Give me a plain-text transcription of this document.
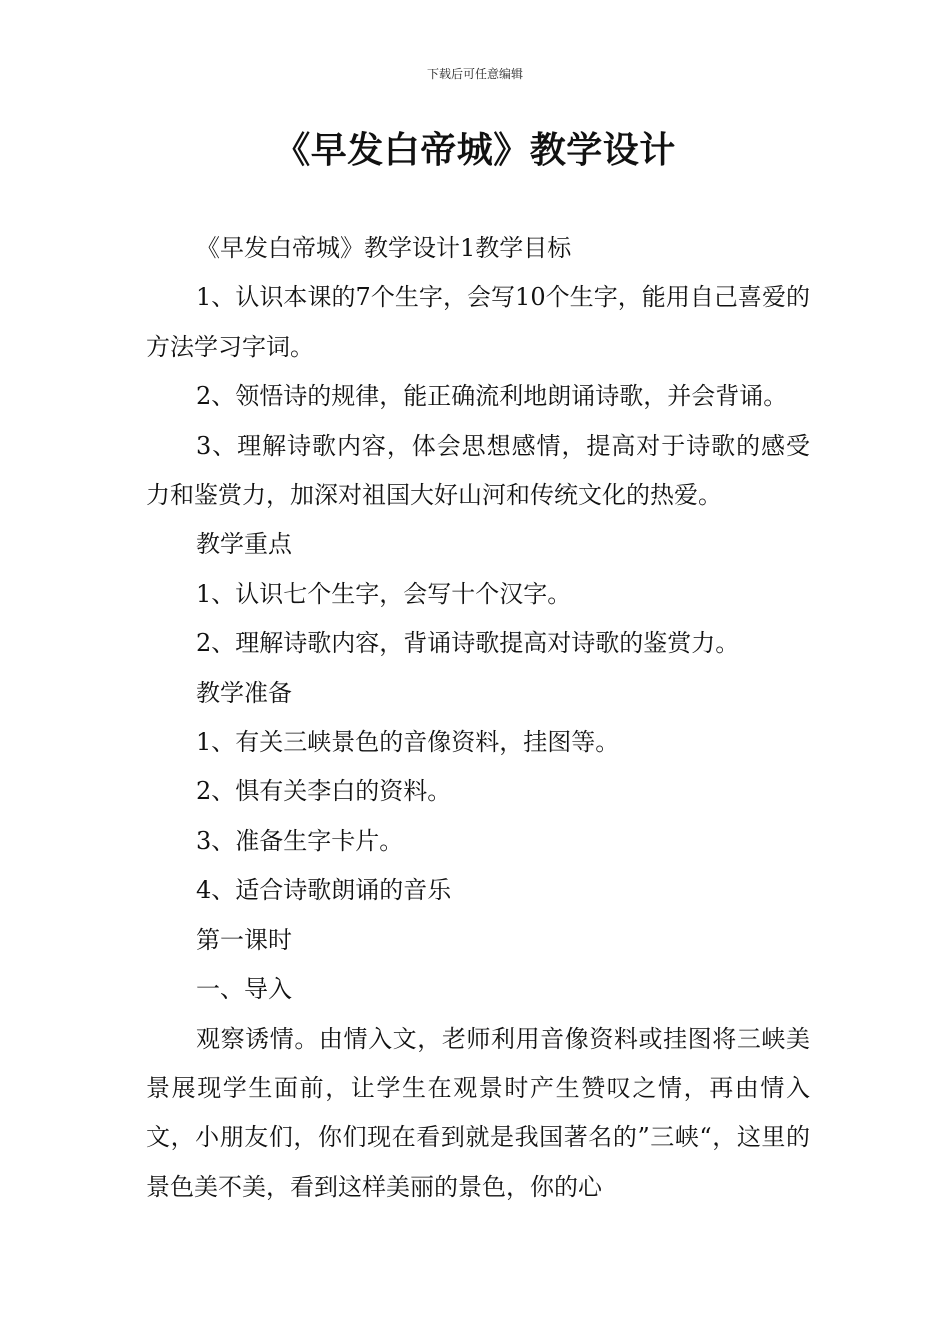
下载后可任意编辑
《早发白帝城》教学设计

《早发白帝城》教学设计1教学目标

1、认识本课的7个生字，会写10个生字，能用自己喜爱的方法学习字词。

2、领悟诗的规律，能正确流利地朗诵诗歌，并会背诵。

3、理解诗歌内容，体会思想感情，提高对于诗歌的感受力和鉴赏力，加深对祖国大好山河和传统文化的热爱。

教学重点

1、认识七个生字，会写十个汉字。

2、理解诗歌内容，背诵诗歌提高对诗歌的鉴赏力。

教学准备

1、有关三峡景色的音像资料，挂图等。

2、惧有关李白的资料。

3、准备生字卡片。

4、适合诗歌朗诵的音乐

第一课时

一、导入

观察诱情。由情入文，老师利用音像资料或挂图将三峡美景展现学生面前，让学生在观景时产生赞叹之情，再由情入文，小朋友们，你们现在看到就是我国著名的”三峡“，这里的景色美不美，看到这样美丽的景色，你的心
